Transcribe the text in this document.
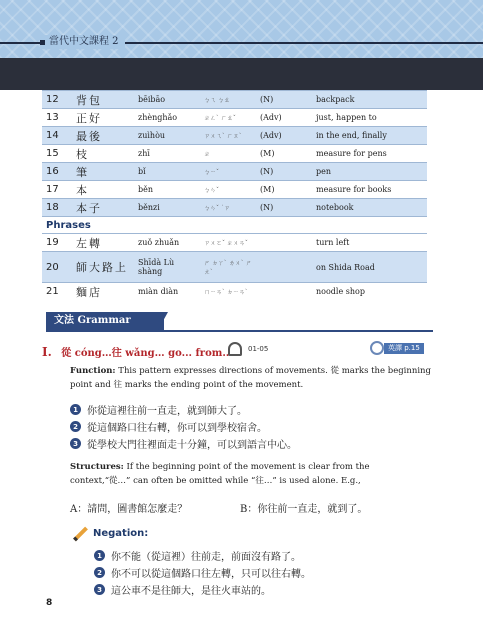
當代中文課程 2
12	背包	bēibāo	ㄅㄟ ㄅㄠ	(N)	backpack
13	正好	zhènghǎo	ㄓㄥˋ ㄏㄠˇ	(Adv)	just, happen to
14	最後	zuìhòu	ㄗㄨㄟˋ ㄏㄡˋ	(Adv)	in the end, finally
15	枝	zhī	ㄓ	(M)	measure for pens
16	筆	bǐ	ㄅㄧˇ	(N)	pen
17	本	běn	ㄅㄣˇ	(M)	measure for books
18	本子	běnzi	ㄅㄣˇ ˙ㄗ	(N)	notebook
Phrases					
19	左轉	zuǒ zhuǎn	ㄗㄨㄛˇ ㄓㄨㄢˇ		turn left
20	師大路上	Shīdà Lù shàng	ㄕ ㄉㄚˋ ㄌㄨˋ ㄕㄤˋ		on Shida Road
21	麵店	miàn diàn	ㄇㄧㄢˋ ㄉㄧㄢˋ		noodle shop
文法 Grammar
I. 從 cóng…往 wǎng… go... from... 01-05	英譯 p.15
Function: This pattern expresses directions of movements. 從 marks the beginning point and 往 marks the ending point of the movement.
1 你從這裡往前一直走，就到師大了。
2 從這個路口往右轉，你可以到學校宿舍。
3 從學校大門往裡面走十分鐘，可以到語言中心。
Structures: If the beginning point of the movement is clear from the context,“從…” can often be omitted while “往…” is used alone. E.g.,
A：請問，圖書館怎麼走？	B：你往前一直走，就到了。
Negation:
1 你不能（從這裡）往前走，前面沒有路了。
2 你不可以從這個路口往左轉，只可以往右轉。
3 這公車不是往師大，是往火車站的。
8
